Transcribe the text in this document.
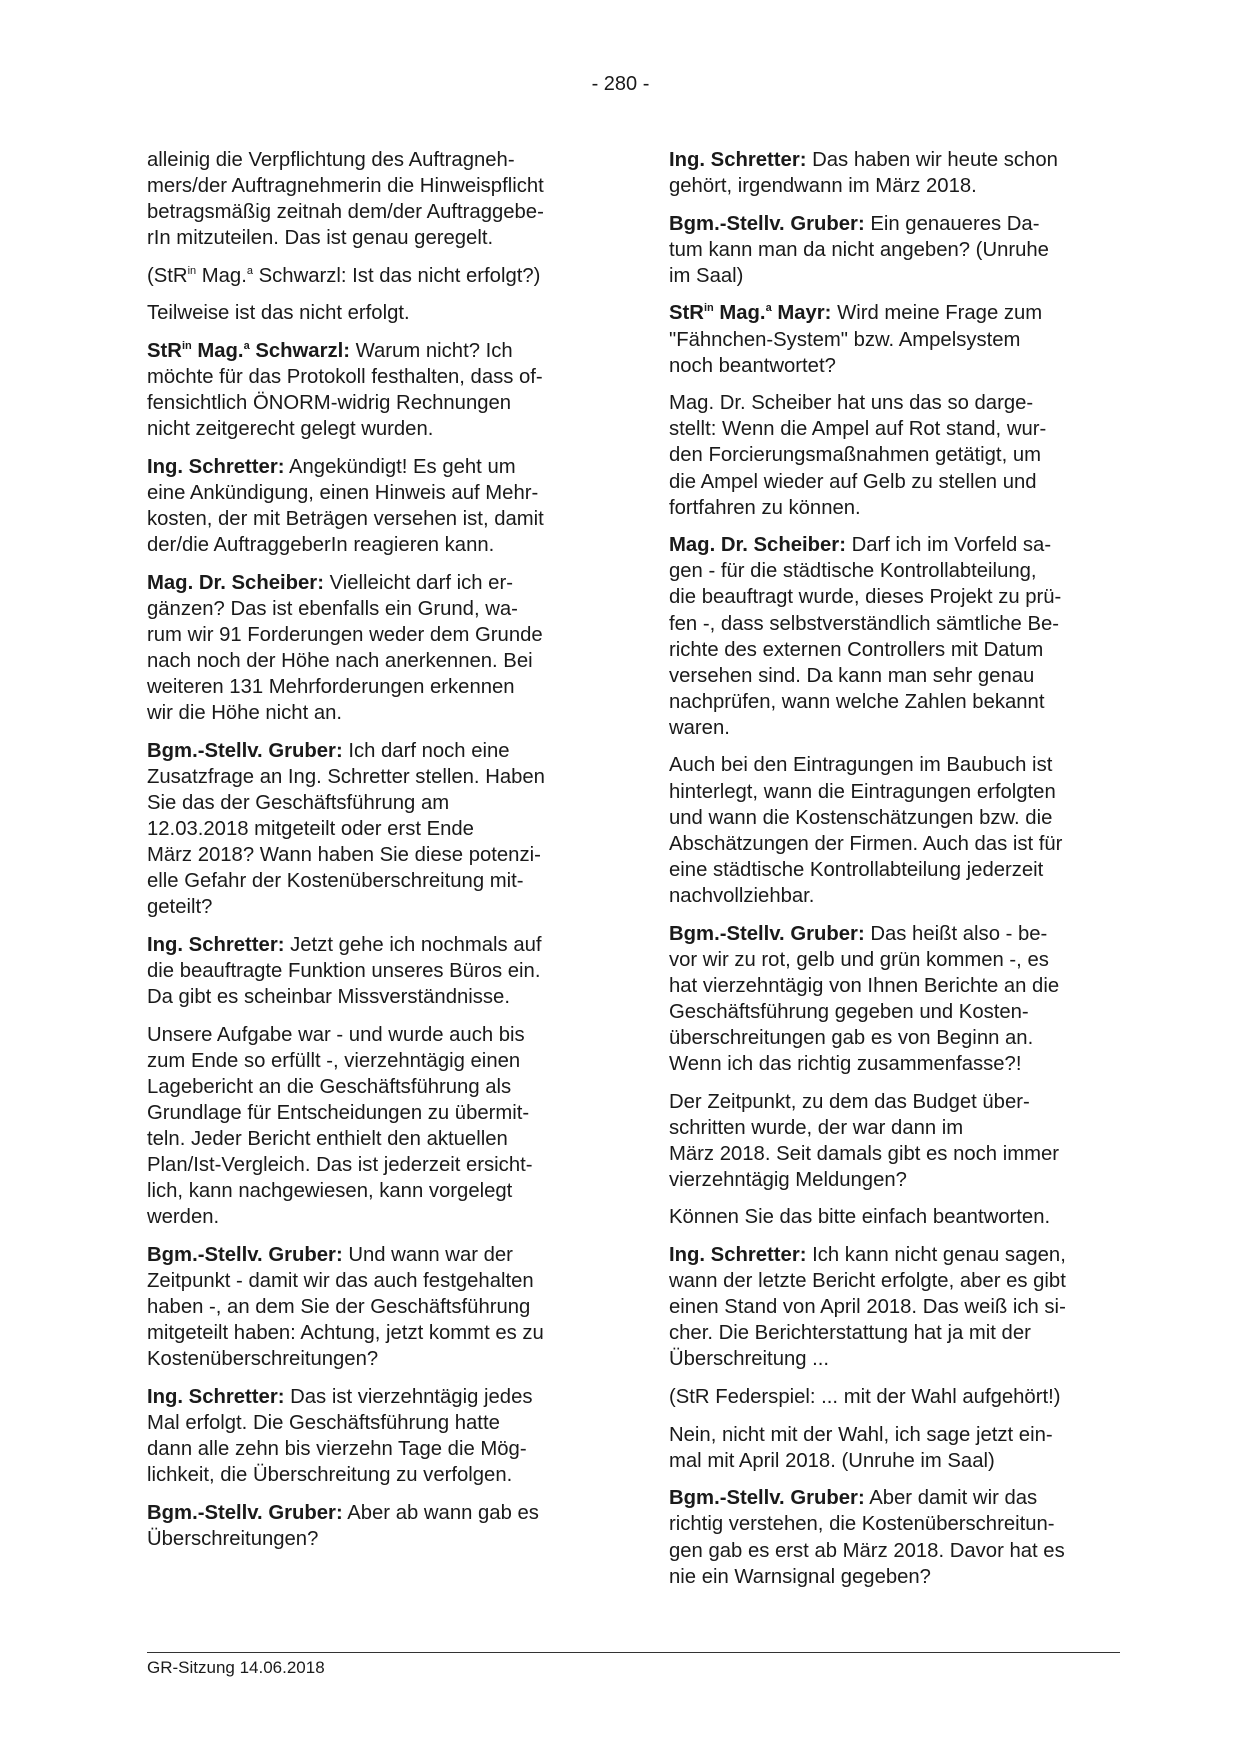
- 280 -

alleinig die Verpflichtung des Auftragneh-
mers/der Auftragnehmerin die Hinweispflicht
betragsmäßig zeitnah dem/der Auftraggebe-
rIn mitzuteilen. Das ist genau geregelt.

(StR$^{in}$ Mag.$^a$ Schwarzl: Ist das nicht erfolgt?)

Teilweise ist das nicht erfolgt.

StR$^{in}$ Mag.$^a$ Schwarzl: Warum nicht? Ich
möchte für das Protokoll festhalten, dass of-
fensichtlich ÖNORM-widrig Rechnungen
nicht zeitgerecht gelegt wurden.

Ing. Schretter: Angekündigt! Es geht um
eine Ankündigung, einen Hinweis auf Mehr-
kosten, der mit Beträgen versehen ist, damit
der/die AuftraggeberIn reagieren kann.

Mag. Dr. Scheiber: Vielleicht darf ich er-
gänzen? Das ist ebenfalls ein Grund, wa-
rum wir 91 Forderungen weder dem Grunde
nach noch der Höhe nach anerkennen. Bei
weiteren 131 Mehrforderungen erkennen
wir die Höhe nicht an.

Bgm.-Stellv. Gruber: Ich darf noch eine
Zusatzfrage an Ing. Schretter stellen. Haben
Sie das der Geschäftsführung am
12.03.2018 mitgeteilt oder erst Ende
März 2018? Wann haben Sie diese potenzi-
elle Gefahr der Kostenüberschreitung mit-
geteilt?

Ing. Schretter: Jetzt gehe ich nochmals auf
die beauftragte Funktion unseres Büros ein.
Da gibt es scheinbar Missverständnisse.

Unsere Aufgabe war - und wurde auch bis
zum Ende so erfüllt -, vierzehntägig einen
Lagebericht an die Geschäftsführung als
Grundlage für Entscheidungen zu übermit-
teln. Jeder Bericht enthielt den aktuellen
Plan/Ist-Vergleich. Das ist jederzeit ersicht-
lich, kann nachgewiesen, kann vorgelegt
werden.

Bgm.-Stellv. Gruber: Und wann war der
Zeitpunkt - damit wir das auch festgehalten
haben -, an dem Sie der Geschäftsführung
mitgeteilt haben: Achtung, jetzt kommt es zu
Kostenüberschreitungen?

Ing. Schretter: Das ist vierzehntägig jedes
Mal erfolgt. Die Geschäftsführung hatte
dann alle zehn bis vierzehn Tage die Mög-
lichkeit, die Überschreitung zu verfolgen.

Bgm.-Stellv. Gruber: Aber ab wann gab es
Überschreitungen?

Ing. Schretter: Das haben wir heute schon
gehört, irgendwann im März 2018.

Bgm.-Stellv. Gruber: Ein genaueres Da-
tum kann man da nicht angeben? (Unruhe
im Saal)

StR$^{in}$ Mag.$^a$ Mayr: Wird meine Frage zum
"Fähnchen-System" bzw. Ampelsystem
noch beantwortet?

Mag. Dr. Scheiber hat uns das so darge-
stellt: Wenn die Ampel auf Rot stand, wur-
den Forcierungsmaßnahmen getätigt, um
die Ampel wieder auf Gelb zu stellen und
fortfahren zu können.

Mag. Dr. Scheiber: Darf ich im Vorfeld sa-
gen - für die städtische Kontrollabteilung,
die beauftragt wurde, dieses Projekt zu prü-
fen -, dass selbstverständlich sämtliche Be-
richte des externen Controllers mit Datum
versehen sind. Da kann man sehr genau
nachprüfen, wann welche Zahlen bekannt
waren.

Auch bei den Eintragungen im Baubuch ist
hinterlegt, wann die Eintragungen erfolgten
und wann die Kostenschätzungen bzw. die
Abschätzungen der Firmen. Auch das ist für
eine städtische Kontrollabteilung jederzeit
nachvollziehbar.

Bgm.-Stellv. Gruber: Das heißt also - be-
vor wir zu rot, gelb und grün kommen -, es
hat vierzehntägig von Ihnen Berichte an die
Geschäftsführung gegeben und Kosten-
überschreitungen gab es von Beginn an.
Wenn ich das richtig zusammenfasse?!

Der Zeitpunkt, zu dem das Budget über-
schritten wurde, der war dann im
März 2018. Seit damals gibt es noch immer
vierzehntägig Meldungen?

Können Sie das bitte einfach beantworten.

Ing. Schretter: Ich kann nicht genau sagen,
wann der letzte Bericht erfolgte, aber es gibt
einen Stand von April 2018. Das weiß ich si-
cher. Die Berichterstattung hat ja mit der
Überschreitung ...

(StR Federspiel: ... mit der Wahl aufgehört!)

Nein, nicht mit der Wahl, ich sage jetzt ein-
mal mit April 2018. (Unruhe im Saal)

Bgm.-Stellv. Gruber: Aber damit wir das
richtig verstehen, die Kostenüberschreitun-
gen gab es erst ab März 2018. Davor hat es
nie ein Warnsignal gegeben?

GR-Sitzung 14.06.2018
